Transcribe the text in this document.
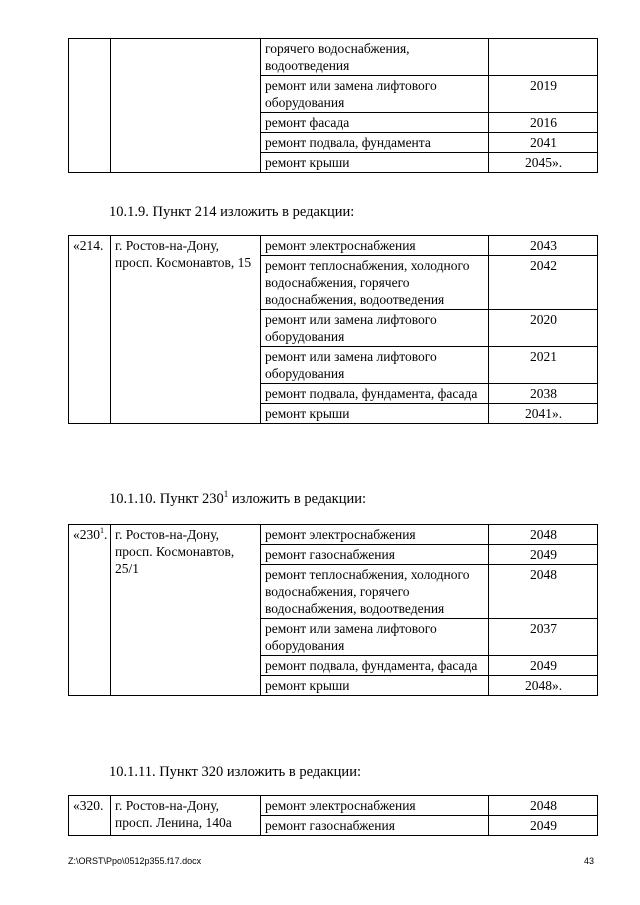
		горячего водоснабжения, водоотведения	
		ремонт или замена лифтового оборудования	2019
		ремонт фасада	2016
		ремонт подвала, фундамента	2041
		ремонт крыши	2045».
10.1.9. Пункт 214 изложить в редакции:
«214.	г. Ростов-на-Дону, просп. Космонавтов, 15	ремонт электроснабжения	2043
		ремонт теплоснабжения, холодного водоснабжения, горячего водоснабжения, водоотведения	2042
		ремонт или замена лифтового оборудования	2020
		ремонт или замена лифтового оборудования	2021
		ремонт подвала, фундамента, фасада	2038
		ремонт крыши	2041».
10.1.10. Пункт $230^1$ изложить в редакции:
«$230^1$.	г. Ростов-на-Дону, просп. Космонавтов, 25/1	ремонт электроснабжения	2048
		ремонт газоснабжения	2049
		ремонт теплоснабжения, холодного водоснабжения, горячего водоснабжения, водоотведения	2048
		ремонт или замена лифтового оборудования	2037
		ремонт подвала, фундамента, фасада	2049
		ремонт крыши	2048».
10.1.11. Пункт 320 изложить в редакции:
«320.	г. Ростов-на-Дону, просп. Ленина, 140а	ремонт электроснабжения	2048
		ремонт газоснабжения	2049
Z:\ORST\Ppo\0512p355.f17.docx	43
